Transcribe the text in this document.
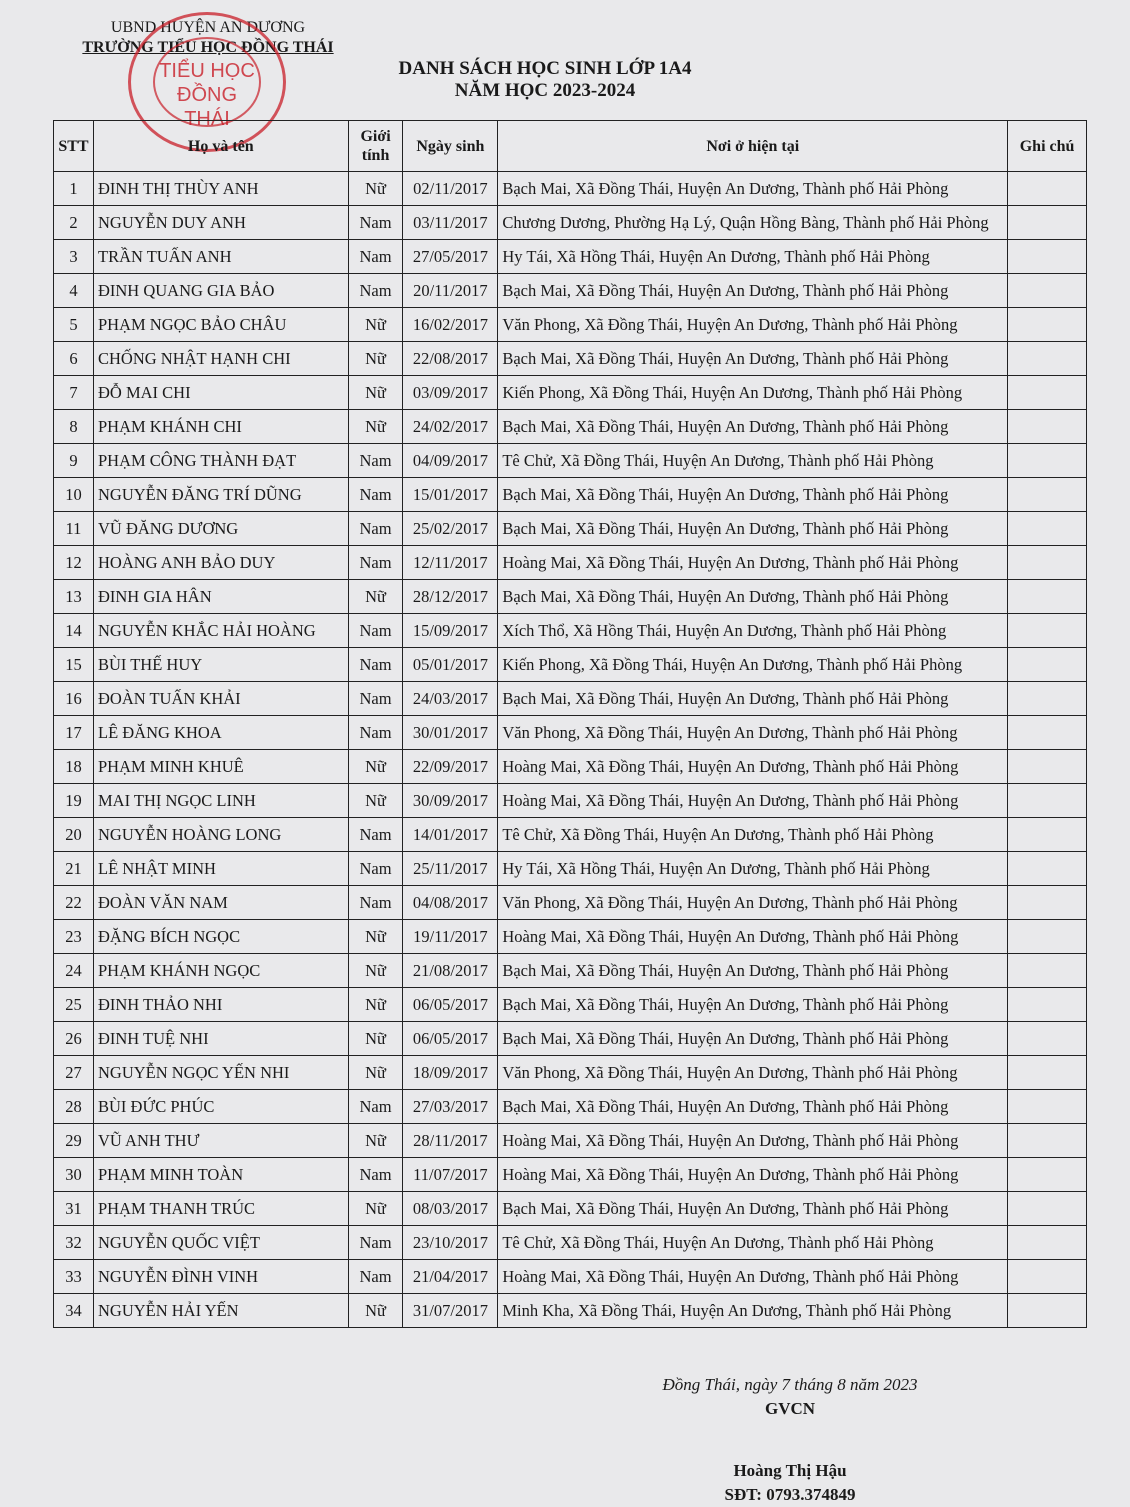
UBND HUYỆN AN DƯƠNG
TRƯỜNG TIỂU HỌC ĐỒNG THÁI
TIỂU HỌC ĐỒNG THÁI
DANH SÁCH HỌC SINH LỚP 1A4
NĂM HỌC 2023-2024
STT	Họ và tên	Giới tính	Ngày sinh	Nơi ở hiện tại	Ghi chú
1	ĐINH THỊ THÙY ANH	Nữ	02/11/2017	Bạch Mai, Xã Đồng Thái, Huyện An Dương, Thành phố Hải Phòng	
2	NGUYỄN DUY ANH	Nam	03/11/2017	Chương Dương, Phường Hạ Lý, Quận Hồng Bàng, Thành phố Hải Phòng	
3	TRẦN TUẤN ANH	Nam	27/05/2017	Hy Tái, Xã Hồng Thái, Huyện An Dương, Thành phố Hải Phòng	
4	ĐINH QUANG GIA BẢO	Nam	20/11/2017	Bạch Mai, Xã Đồng Thái, Huyện An Dương, Thành phố Hải Phòng	
5	PHẠM NGỌC BẢO CHÂU	Nữ	16/02/2017	Văn Phong, Xã Đồng Thái, Huyện An Dương, Thành phố Hải Phòng	
6	CHỐNG NHẬT HẠNH CHI	Nữ	22/08/2017	Bạch Mai, Xã Đồng Thái, Huyện An Dương, Thành phố Hải Phòng	
7	ĐỖ MAI CHI	Nữ	03/09/2017	Kiến Phong, Xã Đồng Thái, Huyện An Dương, Thành phố Hải Phòng	
8	PHẠM KHÁNH CHI	Nữ	24/02/2017	Bạch Mai, Xã Đồng Thái, Huyện An Dương, Thành phố Hải Phòng	
9	PHẠM CÔNG THÀNH ĐẠT	Nam	04/09/2017	Tê Chử, Xã Đồng Thái, Huyện An Dương, Thành phố Hải Phòng	
10	NGUYỄN ĐĂNG TRÍ DŨNG	Nam	15/01/2017	Bạch Mai, Xã Đồng Thái, Huyện An Dương, Thành phố Hải Phòng	
11	VŨ ĐĂNG DƯƠNG	Nam	25/02/2017	Bạch Mai, Xã Đồng Thái, Huyện An Dương, Thành phố Hải Phòng	
12	HOÀNG ANH BẢO DUY	Nam	12/11/2017	Hoàng Mai, Xã Đồng Thái, Huyện An Dương, Thành phố Hải Phòng	
13	ĐINH GIA HÂN	Nữ	28/12/2017	Bạch Mai, Xã Đồng Thái, Huyện An Dương, Thành phố Hải Phòng	
14	NGUYỄN KHẮC HẢI HOÀNG	Nam	15/09/2017	Xích Thổ, Xã Hồng Thái, Huyện An Dương, Thành phố Hải Phòng	
15	BÙI THẾ HUY	Nam	05/01/2017	Kiến Phong, Xã Đồng Thái, Huyện An Dương, Thành phố Hải Phòng	
16	ĐOÀN TUẤN KHẢI	Nam	24/03/2017	Bạch Mai, Xã Đồng Thái, Huyện An Dương, Thành phố Hải Phòng	
17	LÊ ĐĂNG KHOA	Nam	30/01/2017	Văn Phong, Xã Đồng Thái, Huyện An Dương, Thành phố Hải Phòng	
18	PHẠM MINH KHUÊ	Nữ	22/09/2017	Hoàng Mai, Xã Đồng Thái, Huyện An Dương, Thành phố Hải Phòng	
19	MAI THỊ NGỌC LINH	Nữ	30/09/2017	Hoàng Mai, Xã Đồng Thái, Huyện An Dương, Thành phố Hải Phòng	
20	NGUYỄN HOÀNG LONG	Nam	14/01/2017	Tê Chử, Xã Đồng Thái, Huyện An Dương, Thành phố Hải Phòng	
21	LÊ NHẬT MINH	Nam	25/11/2017	Hy Tái, Xã Hồng Thái, Huyện An Dương, Thành phố Hải Phòng	
22	ĐOÀN VĂN NAM	Nam	04/08/2017	Văn Phong, Xã Đồng Thái, Huyện An Dương, Thành phố Hải Phòng	
23	ĐẶNG BÍCH NGỌC	Nữ	19/11/2017	Hoàng Mai, Xã Đồng Thái, Huyện An Dương, Thành phố Hải Phòng	
24	PHẠM KHÁNH NGỌC	Nữ	21/08/2017	Bạch Mai, Xã Đồng Thái, Huyện An Dương, Thành phố Hải Phòng	
25	ĐINH THẢO NHI	Nữ	06/05/2017	Bạch Mai, Xã Đồng Thái, Huyện An Dương, Thành phố Hải Phòng	
26	ĐINH TUỆ NHI	Nữ	06/05/2017	Bạch Mai, Xã Đồng Thái, Huyện An Dương, Thành phố Hải Phòng	
27	NGUYỄN NGỌC YẾN NHI	Nữ	18/09/2017	Văn Phong, Xã Đồng Thái, Huyện An Dương, Thành phố Hải Phòng	
28	BÙI ĐỨC PHÚC	Nam	27/03/2017	Bạch Mai, Xã Đồng Thái, Huyện An Dương, Thành phố Hải Phòng	
29	VŨ ANH THƯ	Nữ	28/11/2017	Hoàng Mai, Xã Đồng Thái, Huyện An Dương, Thành phố Hải Phòng	
30	PHẠM MINH TOÀN	Nam	11/07/2017	Hoàng Mai, Xã Đồng Thái, Huyện An Dương, Thành phố Hải Phòng	
31	PHẠM THANH TRÚC	Nữ	08/03/2017	Bạch Mai, Xã Đồng Thái, Huyện An Dương, Thành phố Hải Phòng	
32	NGUYỄN QUỐC VIỆT	Nam	23/10/2017	Tê Chử, Xã Đồng Thái, Huyện An Dương, Thành phố Hải Phòng	
33	NGUYỄN ĐÌNH VINH	Nam	21/04/2017	Hoàng Mai, Xã Đồng Thái, Huyện An Dương, Thành phố Hải Phòng	
34	NGUYỄN HẢI YẾN	Nữ	31/07/2017	Minh Kha, Xã Đồng Thái, Huyện An Dương, Thành phố Hải Phòng	
Đồng Thái, ngày 7 tháng 8 năm 2023
GVCN
Hoàng Thị Hậu
SĐT: 0793.374849
